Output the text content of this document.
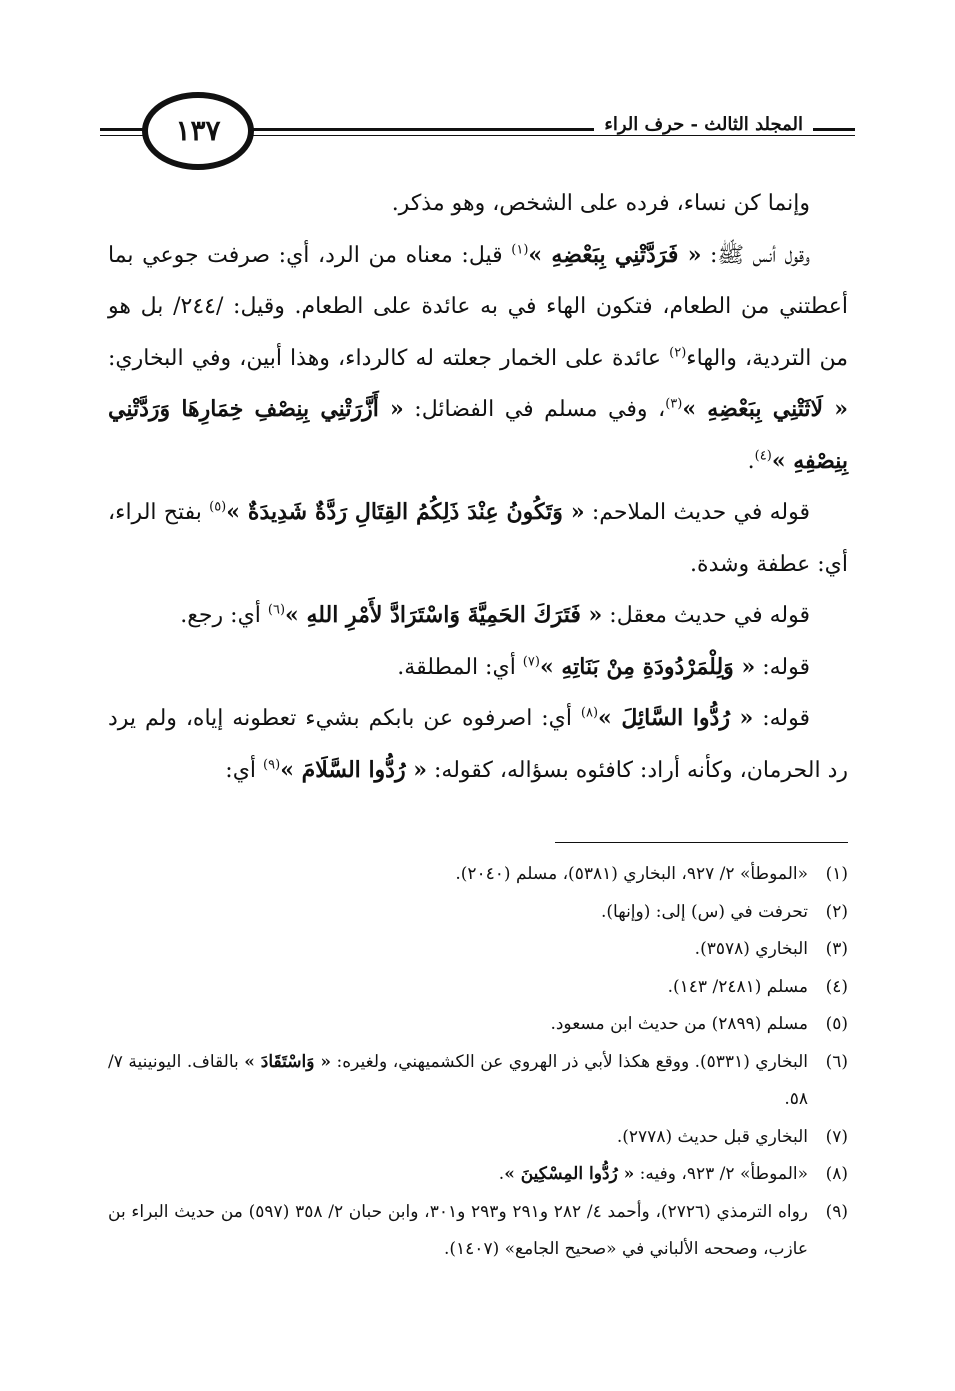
١٣٧	المجلد الثالث - حرف الراء

وإنما كن نساء، فرده على الشخص، وهو مذكر.

وقول أنس ﷺ: « فَرَدَّتْنِي بِبَعْضِهِ »$^{(١)}$ قيل: معناه من الرد، أي: صرفت جوعي بما أعطتني من الطعام، فتكون الهاء في به عائدة على الطعام. وقيل: /٢٤٤/ بل هو من التردية، والهاء$^{(٢)}$ عائدة على الخمار جعلته له كالرداء، وهذا أبين، وفي البخاري: « لَاثَتْنِي بِبَعْضِهِ »$^{(٣)}$، وفي مسلم في الفضائل: « أَزَّرَتْنِي بِنِصْفِ خِمَارِهَا وَرَدَّتْنِي بِنِصْفِهِ »$^{(٤)}$.

قوله في حديث الملاحم: « وَتَكُونُ عِنْدَ ذَلِكُمُ القِتَالِ رَدَّةٌ شَدِيدَةٌ »$^{(٥)}$ بفتح الراء، أي: عطفة وشدة.

قوله في حديث معقل: « فَتَرَكَ الحَمِيَّةَ وَاسْتَرَادَّ لأَمْرِ اللهِ »$^{(٦)}$ أي: رجع.

قوله: « وَلِلْمَرْدُودَةِ مِنْ بَنَاتِهِ »$^{(٧)}$ أي: المطلقة.

قوله: « رُدُّوا السَّائِلَ »$^{(٨)}$ أي: اصرفوه عن بابكم بشيء تعطونه إياه، ولم يرد رد الحرمان، وكأنه أراد: كافئوه بسؤاله، كقوله: « رُدُّوا السَّلَامَ »$^{(٩)}$ أي:

(١)
«الموطأ» ٢/ ٩٢٧، البخاري (٥٣٨١)، مسلم (٢٠٤٠).
(٢)
تحرفت في (س) إلى: (وإنها).
(٣)
البخاري (٣٥٧٨).
(٤)
مسلم (٢٤٨١/ ١٤٣).
(٥)
مسلم (٢٨٩٩) من حديث ابن مسعود.
(٦)
البخاري (٥٣٣١). ووقع هكذا لأبي ذر الهروي عن الكشميهني، ولغيره: « وَاسْتَقَادَ » بالقاف. اليونينية ٧/ ٥٨.
(٧)
البخاري قبل حديث (٢٧٧٨).
(٨)
«الموطأ» ٢/ ٩٢٣، وفيه: « رُدُّوا المِسْكِينَ ».
(٩)
رواه الترمذي (٢٧٢٦)، وأحمد ٤/ ٢٨٢ و٢٩١ و٢٩٣ و٣٠١، وابن حبان ٢/ ٣٥٨ (٥٩٧) من حديث البراء بن عازب، وصححه الألباني في «صحيح الجامع» (١٤٠٧).
